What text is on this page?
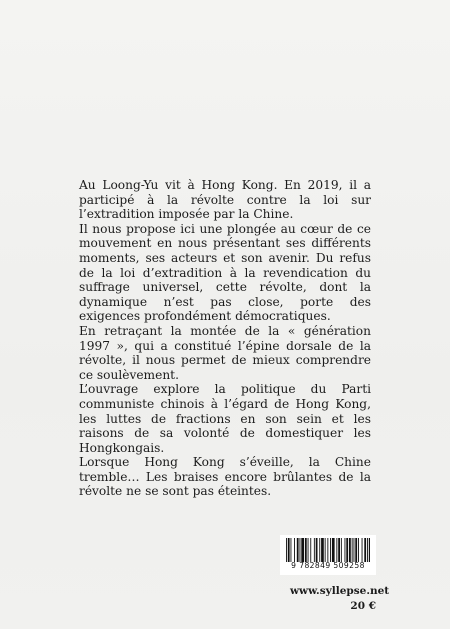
Au Loong-Yu vit à Hong Kong. En 2019, il a participé à la révolte contre la loi sur l’extradition imposée par la Chine.

Il nous propose ici une plongée au cœur de ce mouvement en nous présentant ses différents moments, ses acteurs et son avenir. Du refus de la loi d’extradition à la revendication du suffrage universel, cette révolte, dont la dynamique n’est pas close, porte des exigences profondément démocratiques.

En retraçant la montée de la « génération 1997 », qui a constitué l’épine dorsale de la révolte, il nous permet de mieux comprendre ce soulèvement.

L’ouvrage explore la politique du Parti communiste chinois à l’égard de Hong Kong, les luttes de fractions en son sein et les raisons de sa volonté de domestiquer les Hongkongais.

Lorsque Hong Kong s’éveille, la Chine tremble… Les braises encore brûlantes de la révolte ne se sont pas éteintes.

9 782849 509258
www.syllepse.net
20 €
